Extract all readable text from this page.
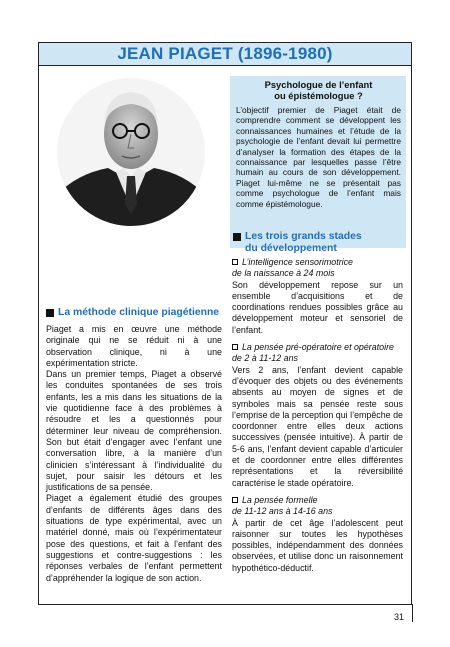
JEAN PIAGET (1896-1980)
Psychologue de l’enfant
ou épistémologue ?

L’objectif premier de Piaget était de comprendre comment se développent les connaissances humaines et l’étude de la psychologie de l’enfant devait lui permettre d’analyser la formation des étapes de la connaissance par lesquelles passe l’être humain au cours de son développement. Piaget lui-même ne se présentait pas comme psychologue de l’enfant mais comme épistémologue.

Les trois grands stades
du développement
L’intelligence sensorimotrice
de la naissance à 24 mois

Son développement repose sur un ensemble d’acquisitions et de coordinations rendues possibles grâce au développement moteur et sensoriel de l’enfant.

La pensée pré-opératoire et opératoire
de 2 à 11-12 ans

Vers 2 ans, l’enfant devient capable d’évoquer des objets ou des événements absents au moyen de signes et de symboles mais sa pensée reste sous l’emprise de la perception qui l’empêche de coordonner entre elles deux actions successives (pensée intuitive). À partir de 5-6 ans, l’enfant devient capable d’articuler et de coordonner entre elles différentes représentations et la réversibilité caractérise le stade opératoire.

La pensée formelle
de 11-12 ans à 14-16 ans

À partir de cet âge l’adolescent peut raisonner sur toutes les hypothèses possibles, indépendamment des données observées, et utilise donc un raisonnement hypothético-déductif.

La méthode clinique piagétienne

Piaget a mis en œuvre une méthode originale qui ne se réduit ni à une observation clinique, ni à une expérimentation stricte.

Dans un premier temps, Piaget a observé les conduites spontanées de ses trois enfants, les a mis dans les situations de la vie quotidienne face à des problèmes à résoudre et les a questionnés pour déterminer leur niveau de compréhension. Son but était d’engager avec l’enfant une conversation libre, à la manière d’un clinicien s’intéressant à l’individualité du sujet, pour saisir les détours et les justifications de sa pensée.

Piaget a également étudié des groupes d’enfants de différents âges dans des situations de type expérimental, avec un matériel donné, mais où l’expérimentateur pose des questions, et fait à l’enfant des suggestions et contre-suggestions : les réponses verbales de l’enfant permettent d’appréhender la logique de son action.

31
